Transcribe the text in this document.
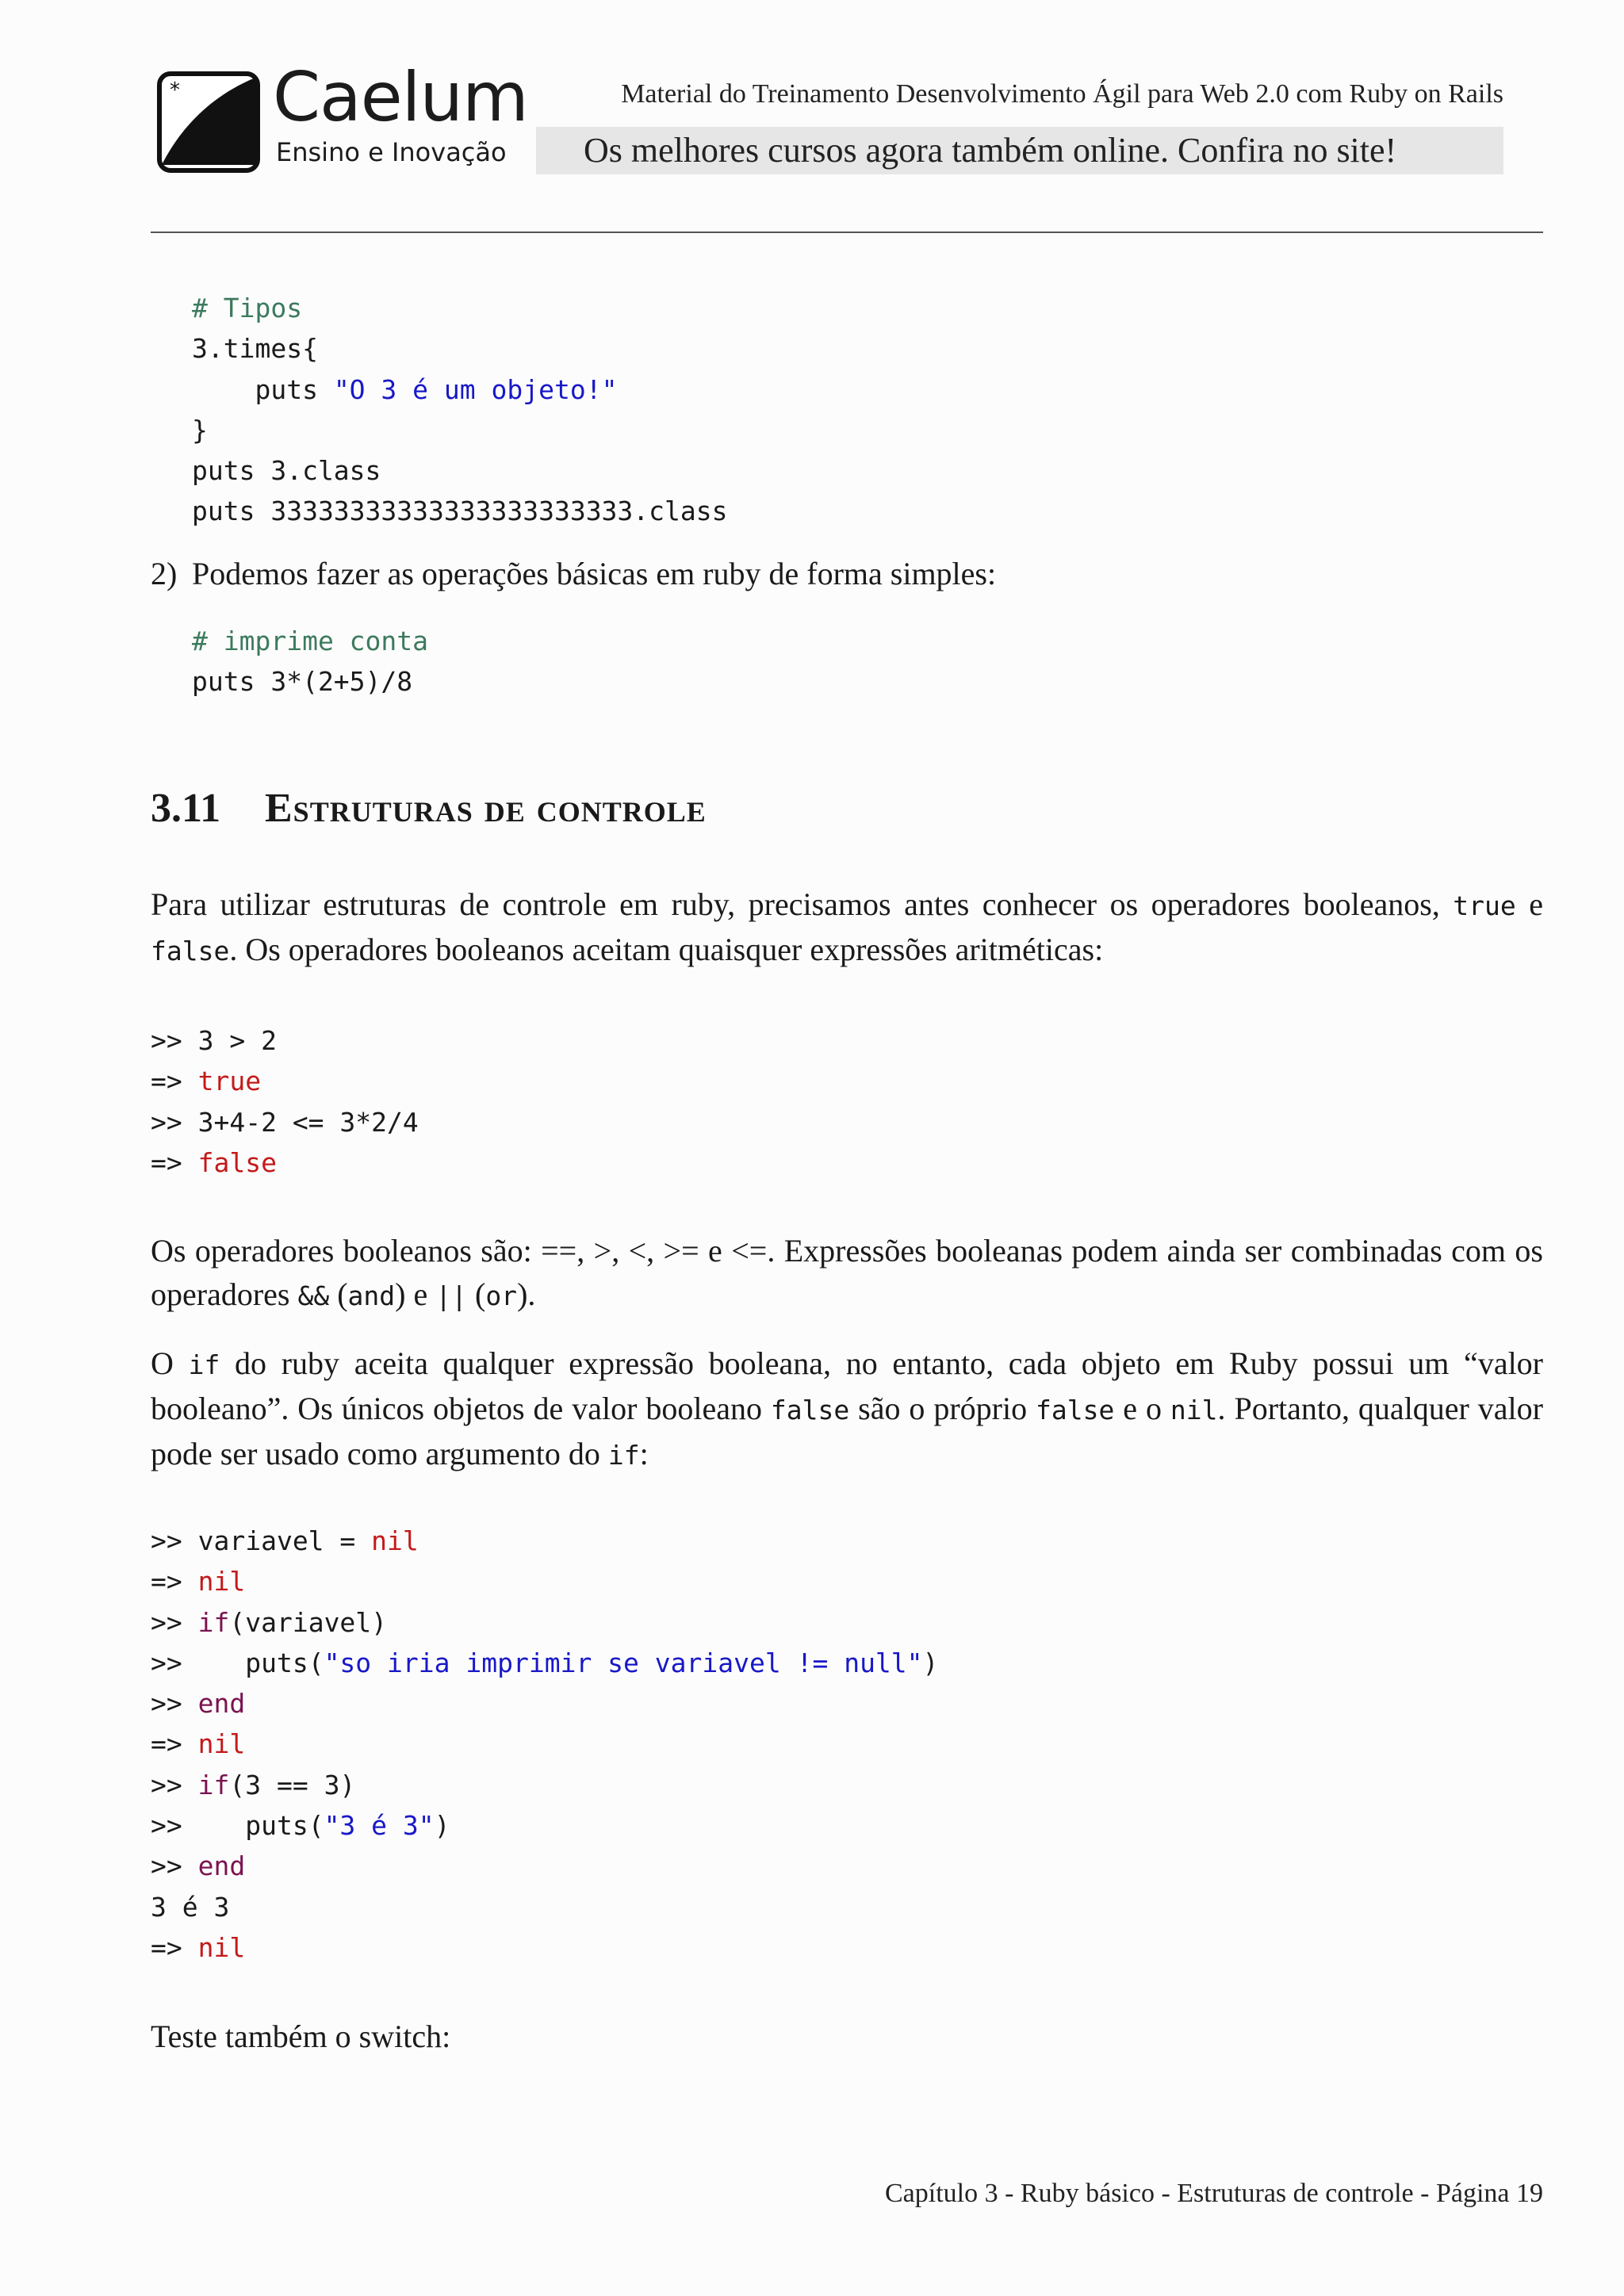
* Caelum
Ensino e Inovação
Material do Treinamento Desenvolvimento Ágil para Web 2.0 com Ruby on Rails
Os melhores cursos agora também online. Confira no site!
# Tipos
3.times{
puts "O 3 é um objeto!"
}
puts 3.class
puts 33333333333333333333333.class
2) Podemos fazer as operações básicas em ruby de forma simples:
# imprime conta
puts 3*(2+5)/8
3.11 Estruturas de controle
Para utilizar estruturas de controle em ruby, precisamos antes conhecer os operadores booleanos, true e false. Os operadores booleanos aceitam quaisquer expressões aritméticas:
>> 3 > 2
=> true
>> 3+4-2 <= 3*2/4
=> false
Os operadores booleanos são: ==, >, <, >= e <=. Expressões booleanas podem ainda ser combinadas com os operadores && (and) e || (or).
O if do ruby aceita qualquer expressão booleana, no entanto, cada objeto em Ruby possui um “valor booleano”. Os únicos objetos de valor booleano false são o próprio false e o nil. Portanto, qualquer valor pode ser usado como argumento do if:
>> variavel = nil
=> nil
>> if(variavel)
>>    puts("so iria imprimir se variavel != null")
>> end
=> nil
>> if(3 == 3)
>>    puts("3 é 3")
>> end
3 é 3
=> nil
Teste também o switch:
Capítulo 3 - Ruby básico - Estruturas de controle - Página 19
